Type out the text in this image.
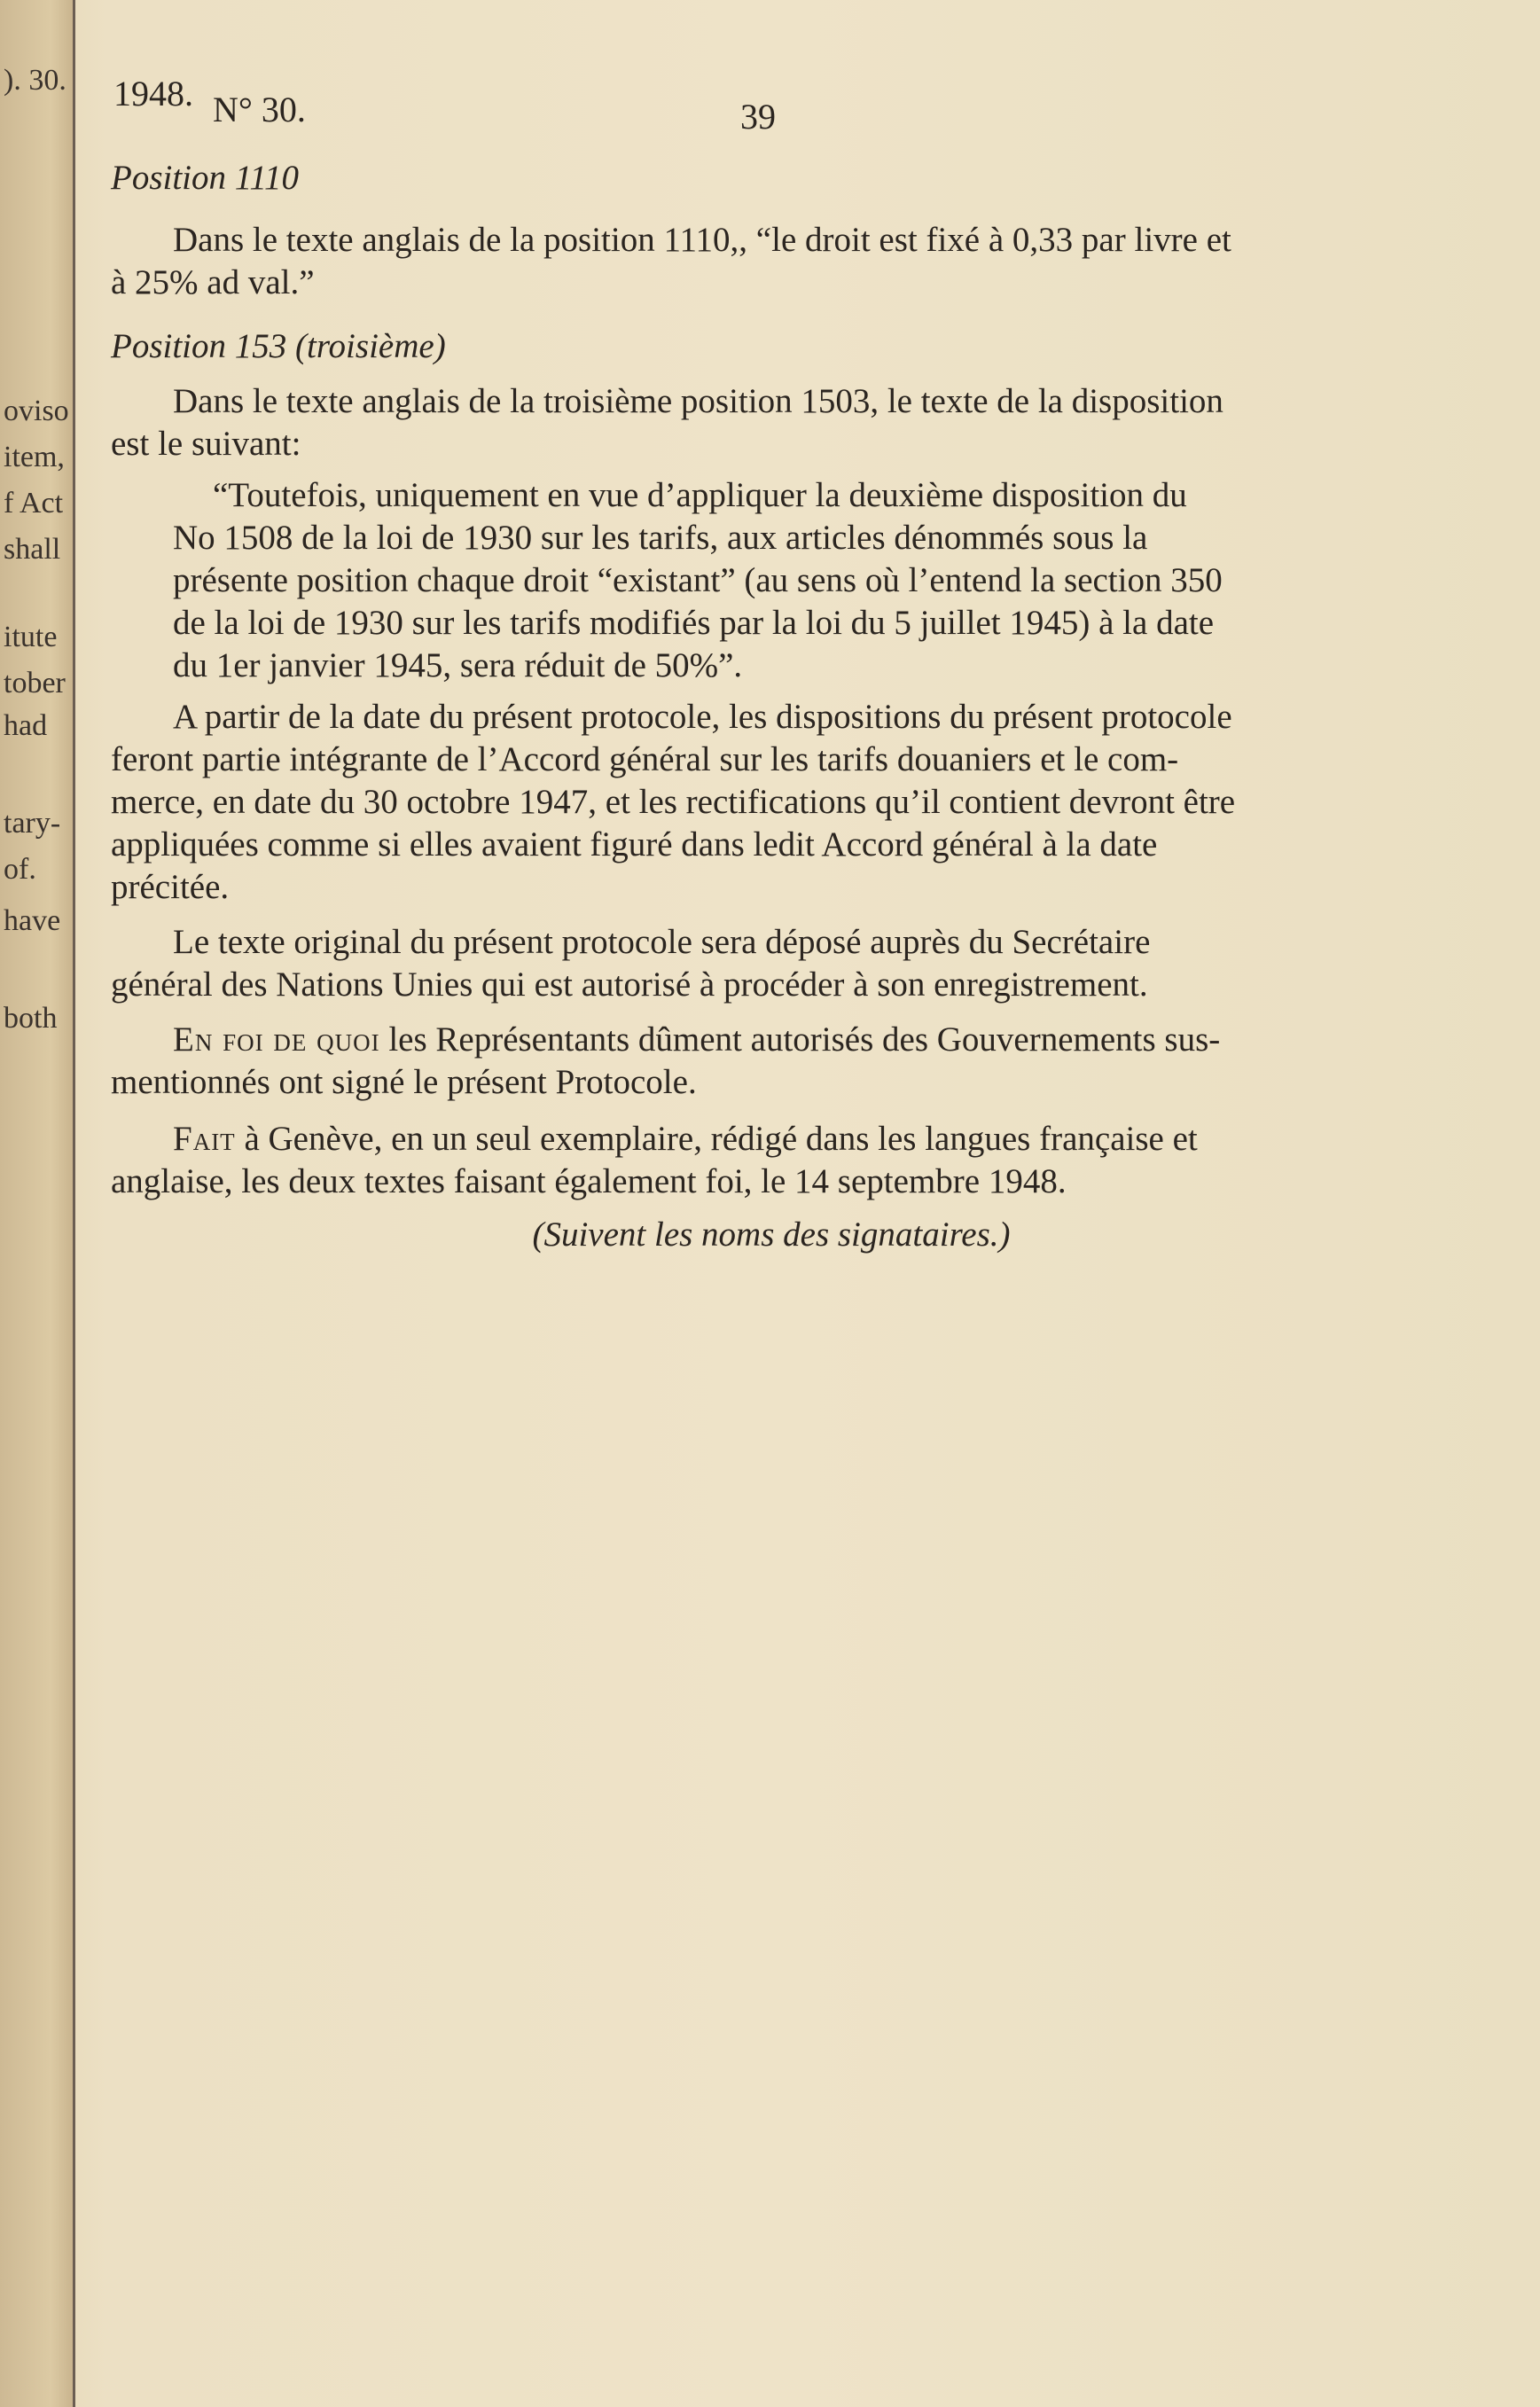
). 30.
oviso
item,
f Act
shall
itute
tober
had
tary-
of.
have
both
1948. N° 30.	39
Position 1110
Dans le texte anglais de la position 1110,, “le droit est fixé à 0,33 par livre et
à 25% ad val.”
Position 153 (troisième)
Dans le texte anglais de la troisième position 1503, le texte de la disposition
est le suivant:
“Toutefois, uniquement en vue d’appliquer la deuxième disposition du
No 1508 de la loi de 1930 sur les tarifs, aux articles dénommés sous la
présente position chaque droit “existant” (au sens où l’entend la section 350
de la loi de 1930 sur les tarifs modifiés par la loi du 5 juillet 1945) à la date
du 1er janvier 1945, sera réduit de 50%”.
A partir de la date du présent protocole, les dispositions du présent protocole
feront partie intégrante de l’Accord général sur les tarifs douaniers et le com-
merce, en date du 30 octobre 1947, et les rectifications qu’il contient devront être
appliquées comme si elles avaient figuré dans ledit Accord général à la date
précitée.
Le texte original du présent protocole sera déposé auprès du Secrétaire
général des Nations Unies qui est autorisé à procéder à son enregistrement.
En foi de quoi les Représentants dûment autorisés des Gouvernements sus-
mentionnés ont signé le présent Protocole.
Fait à Genève, en un seul exemplaire, rédigé dans les langues française et
anglaise, les deux textes faisant également foi, le 14 septembre 1948.
(Suivent les noms des signataires.)
